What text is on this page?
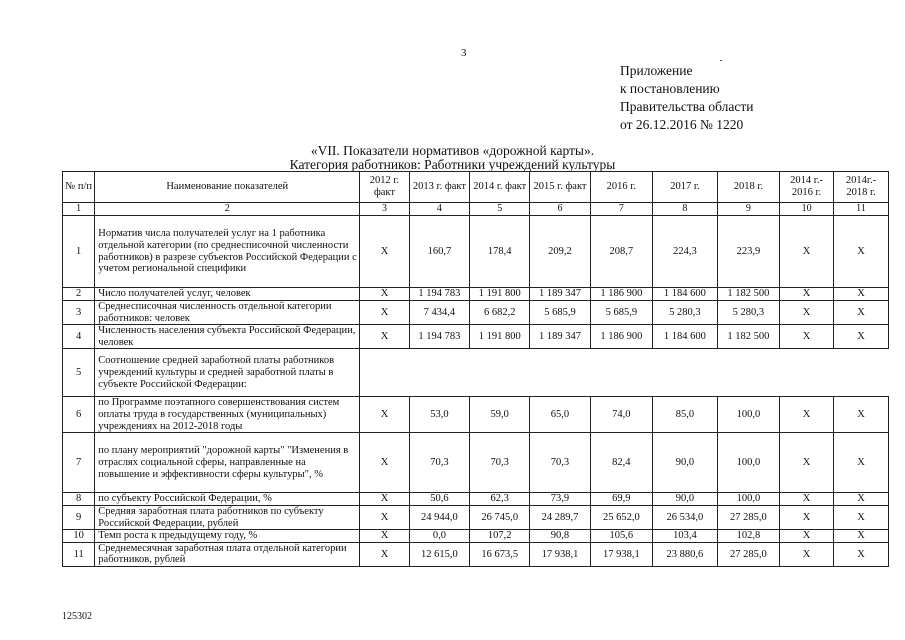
3
Приложение
к постановлению
Правительства области
от 26.12.2016 № 1220
«VII. Показатели нормативов «дорожной карты».
Категория работников: Работники учреждений культуры
№ п/п	Наименование показателей	2012 г. факт	2013 г. факт	2014 г. факт	2015 г. факт	2016 г.	2017 г.	2018 г.	2014 г.- 2016 г.	2014г.- 2018 г.
1	2	3	4	5	6	7	8	9	10	11
1	Норматив числа получателей услуг на 1 работника отдельной категории (по среднесписочной численности работников) в разрезе субъектов Российской Федерации с учетом региональной специфики	Х	160,7	178,4	209,2	208,7	224,3	223,9	Х	Х
2	Число получателей услуг, человек	Х	1 194 783	1 191 800	1 189 347	1 186 900	1 184 600	1 182 500	Х	Х
3	Среднесписочная численность отдельной категории работников: человек	Х	7 434,4	6 682,2	5 685,9	5 685,9	5 280,3	5 280,3	Х	Х
4	Численность населения субъекта Российской Федерации, человек	Х	1 194 783	1 191 800	1 189 347	1 186 900	1 184 600	1 182 500	Х	Х
5	Соотношение средней заработной платы работников учреждений культуры и средней заработной платы в субъекте Российской Федерации:									
6	по Программе поэтапного совершенствования систем оплаты труда в государственных (муниципальных) учреждениях на 2012-2018 годы	Х	53,0	59,0	65,0	74,0	85,0	100,0	Х	Х
7	по плану мероприятий "дорожной карты" "Изменения в отраслях социальной сферы, направленные на повышение и эффективности сферы культуры", %	Х	70,3	70,3	70,3	82,4	90,0	100,0	Х	Х
8	по субъекту Российской Федерации, %	Х	50,6	62,3	73,9	69,9	90,0	100,0	Х	Х
9	Средняя заработная плата работников по субъекту Российской Федерации, рублей	Х	24 944,0	26 745,0	24 289,7	25 652,0	26 534,0	27 285,0	Х	Х
10	Темп роста к предыдущему году, %	Х	0,0	107,2	90,8	105,6	103,4	102,8	Х	Х
11	Среднемесячная заработная плата отдельной категории работников, рублей	Х	12 615,0	16 673,5	17 938,1	17 938,1	23 880,6	27 285,0	Х	Х
125302
